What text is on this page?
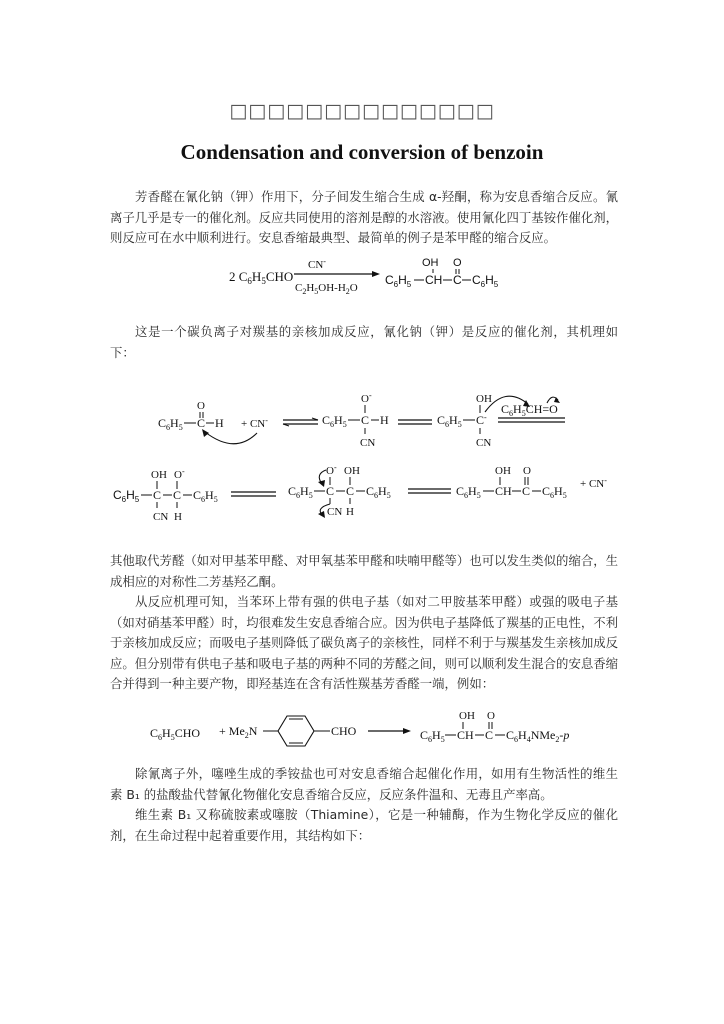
□□□□□□□□□□□□□□
Condensation and conversion of benzoin

芳香醛在氰化钠（钾）作用下，分子间发生缩合生成 α-羟酮，称为安息香缩合反应。氰离子几乎是专一的催化剂。反应共同使用的溶剂是醇的水溶液。使用氰化四丁基铵作催化剂，则反应可在水中顺利进行。安息香缩最典型、最简单的例子是苯甲醛的缩合反应。

2 $C_6H_5CHO$
CN-
$C_2H_5OH-H_2O$
$C_6H_5$ CH
OH
C
O
$C_6H_5$

这是一个碳负离子对羰基的亲核加成反应，氰化钠（钾）是反应的催化剂，其机理如下：

$C_6H_5$ C
O
H + CN-	$C_6H_5$ C
O-
H
CN
$C_6H_5$ C-
OH
CN
$C_6H_5CH=O$
$C_6H_5$ C
OH
CN
C
O-
H
$C_6H_5$
$C_6H_5$ C
O-
CN
C
OH
H
$C_6H_5$	$C_6H_5$ CH
OH
C
O
$C_6H_5$
+ CN-

其他取代芳醛（如对甲基苯甲醛、对甲氧基苯甲醛和呋喃甲醛等）也可以发生类似的缩合，生成相应的对称性二芳基羟乙酮。

从反应机理可知，当苯环上带有强的供电子基（如对二甲胺基苯甲醛）或强的吸电子基（如对硝基苯甲醛）时，均很难发生安息香缩合应。因为供电子基降低了羰基的正电性，不利于亲核加成反应；而吸电子基则降低了碳负离子的亲核性，同样不利于与羰基发生亲核加成反应。但分别带有供电子基和吸电子基的两种不同的芳醛之间，则可以顺利发生混合的安息香缩合并得到一种主要产物，即羟基连在含有活性羰基芳香醛一端，例如：

$C_6H_5CHO + Me_2N$	CHO	$C_6H_5$ CH
OH
C
O
$C_6H_4NMe_2-p$

除氰离子外，噻唑生成的季铵盐也可对安息香缩合起催化作用，如用有生物活性的维生素 B₁ 的盐酸盐代替氰化物催化安息香缩合反应，反应条件温和、无毒且产率高。

维生素 B₁ 又称硫胺素或噻胺（Thiamine），它是一种辅酶，作为生物化学反应的催化剂，在生命过程中起着重要作用，其结构如下：
